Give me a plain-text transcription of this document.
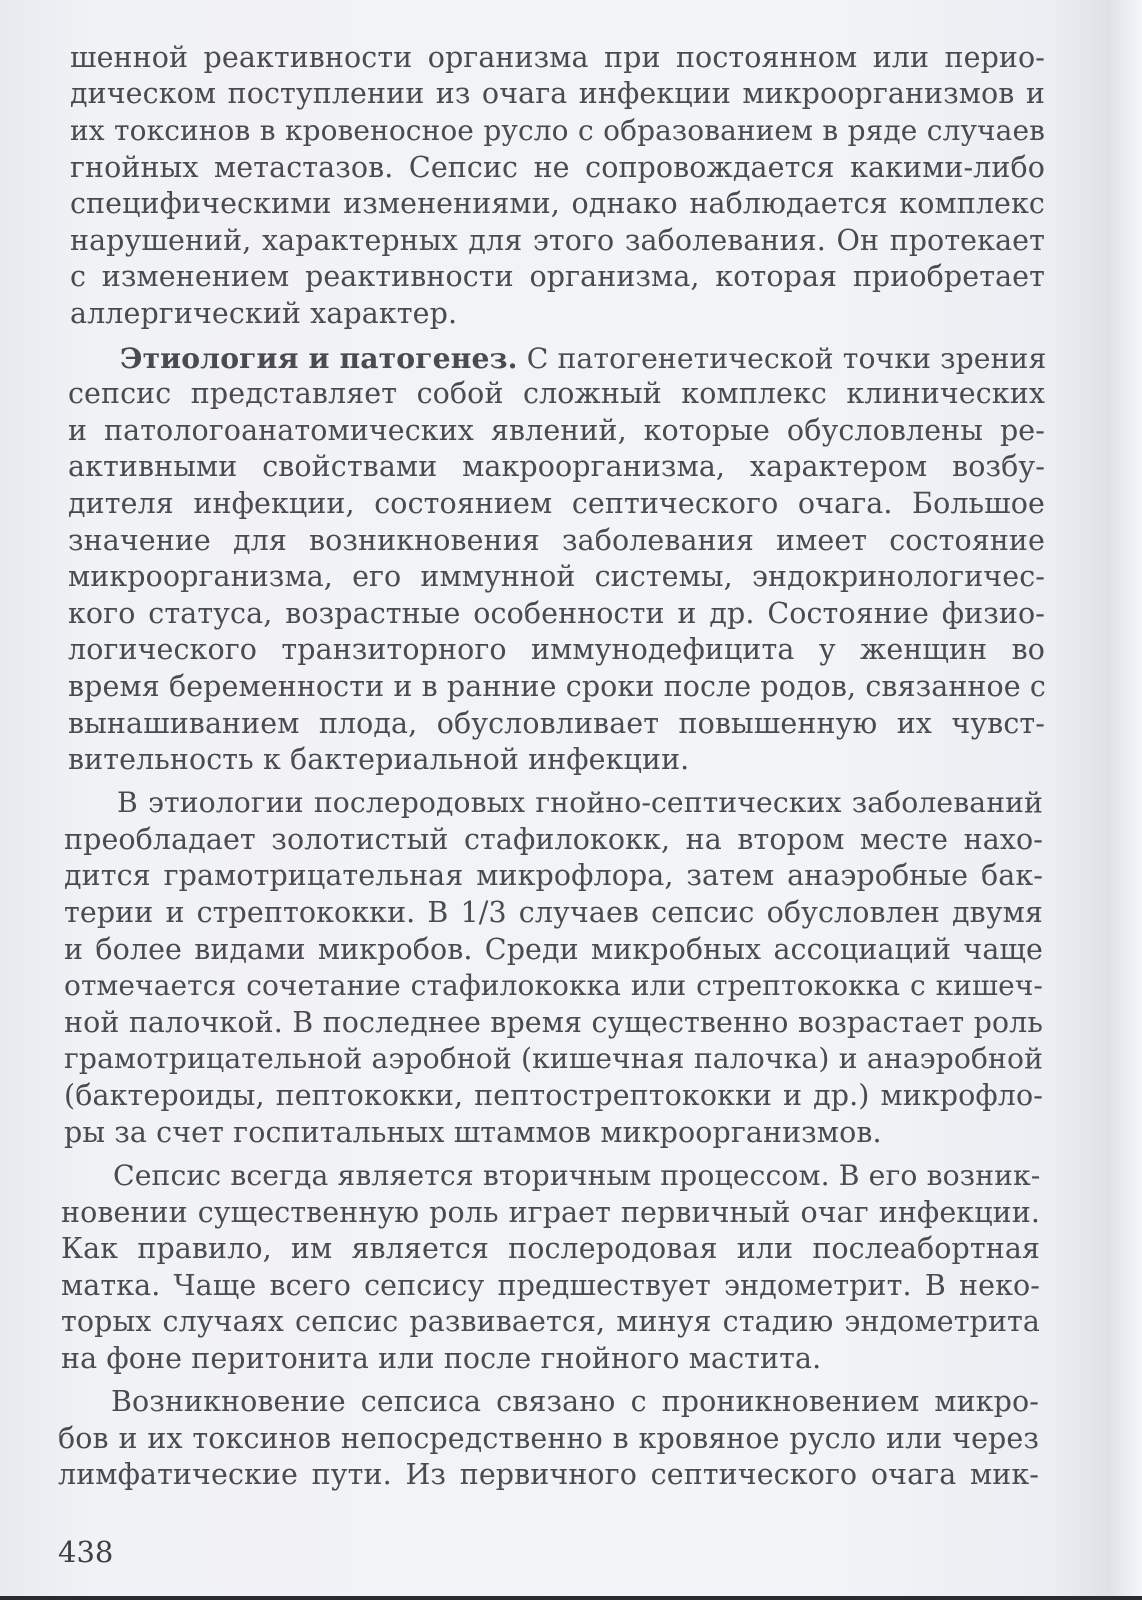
шенной реактивности организма при постоянном или перио-
дическом поступлении из очага инфекции микроорганизмов и
их токсинов в кровеносное русло с образованием в ряде случаев
гнойных метастазов. Сепсис не сопровождается какими-либо
специфическими изменениями, однако наблюдается комплекс
нарушений, характерных для этого заболевания. Он протекает
с изменением реактивности организма, которая приобретает
аллергический характер.
Этиология и патогенез. С патогенетической точки зрения
сепсис представляет собой сложный комплекс клинических
и патологоанатомических явлений, которые обусловлены ре-
активными свойствами макроорганизма, характером возбу-
дителя инфекции, состоянием септического очага. Большое
значение для возникновения заболевания имеет состояние
микроорганизма, его иммунной системы, эндокринологичес-
кого статуса, возрастные особенности и др. Состояние физио-
логического транзиторного иммунодефицита у женщин во
время беременности и в ранние сроки после родов, связанное с
вынашиванием плода, обусловливает повышенную их чувст-
вительность к бактериальной инфекции.
В этиологии послеродовых гнойно-септических заболеваний
преобладает золотистый стафилококк, на втором месте нахо-
дится грамотрицательная микрофлора, затем анаэробные бак-
терии и стрептококки. В 1/3 случаев сепсис обусловлен двумя
и более видами микробов. Среди микробных ассоциаций чаще
отмечается сочетание стафилококка или стрептококка с кишеч-
ной палочкой. В последнее время существенно возрастает роль
грамотрицательной аэробной (кишечная палочка) и анаэробной
(бактероиды, пептококки, пептострептококки и др.) микрофло-
ры за счет госпитальных штаммов микроорганизмов.
Сепсис всегда является вторичным процессом. В его возник-
новении существенную роль играет первичный очаг инфекции.
Как правило, им является послеродовая или послеабортная
матка. Чаще всего сепсису предшествует эндометрит. В неко-
торых случаях сепсис развивается, минуя стадию эндометрита
на фоне перитонита или после гнойного мастита.
Возникновение сепсиса связано с проникновением микро-
бов и их токсинов непосредственно в кровяное русло или через
лимфатические пути. Из первичного септического очага мик-
438
